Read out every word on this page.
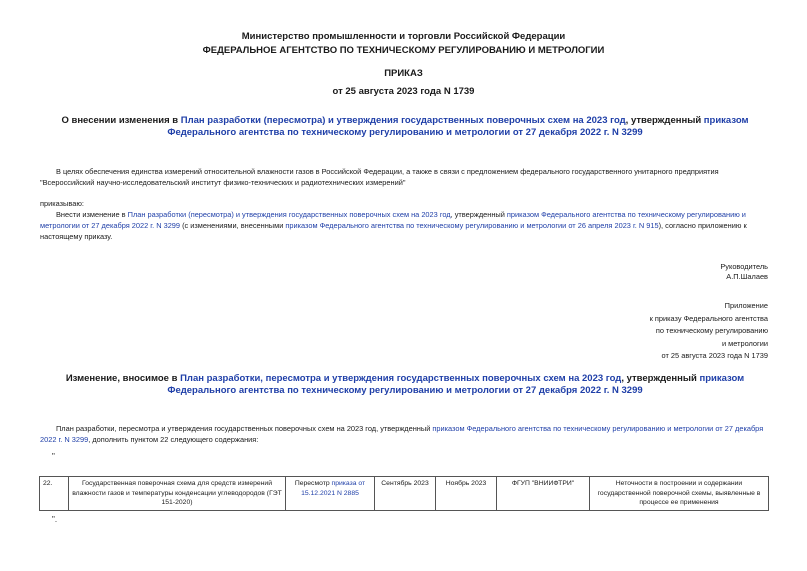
Министерство промышленности и торговли Российской Федерации
ФЕДЕРАЛЬНОЕ АГЕНТСТВО ПО ТЕХНИЧЕСКОМУ РЕГУЛИРОВАНИЮ И МЕТРОЛОГИИ
ПРИКАЗ
от 25 августа 2023 года N 1739
О внесении изменения в План разработки (пересмотра) и утверждения государственных поверочных схем на 2023 год, утвержденный приказом Федерального агентства по техническому регулированию и метрологии от 27 декабря 2022 г. N 3299
В целях обеспечения единства измерений относительной влажности газов в Российской Федерации, а также в связи с предложением федерального государственного унитарного предприятия "Всероссийский научно-исследовательский институт физико-технических и радиотехнических измерений"
приказываю:
Внести изменение в План разработки (пересмотра) и утверждения государственных поверочных схем на 2023 год, утвержденный приказом Федерального агентства по техническому регулированию и метрологии от 27 декабря 2022 г. N 3299 (с изменениями, внесенными приказом Федерального агентства по техническому регулированию и метрологии от 26 апреля 2023 г. N 915), согласно приложению к настоящему приказу.
Руководитель
А.П.Шалаев
Приложение
к приказу Федерального агентства
по техническому регулированию
и метрологии
от 25 августа 2023 года N 1739
Изменение, вносимое в План разработки, пересмотра и утверждения государственных поверочных схем на 2023 год, утвержденный приказом Федерального агентства по техническому регулированию и метрологии от 27 декабря 2022 г. N 3299
План разработки, пересмотра и утверждения государственных поверочных схем на 2023 год, утвержденный приказом Федерального агентства по техническому регулированию и метрологии от 27 декабря 2022 г. N 3299, дополнить пунктом 22 следующего содержания:
"
22.	Государственная поверочная схема для средств измерений влажности газов и температуры конденсации углеводородов (ГЭТ 151-2020)	Пересмотр приказа от 15.12.2021 N 2885	Сентябрь 2023	Ноябрь 2023	ФГУП "ВНИИФТРИ"	Неточности в построении и содержании государственной поверочной схемы, выявленные в процессе ее применения
".
